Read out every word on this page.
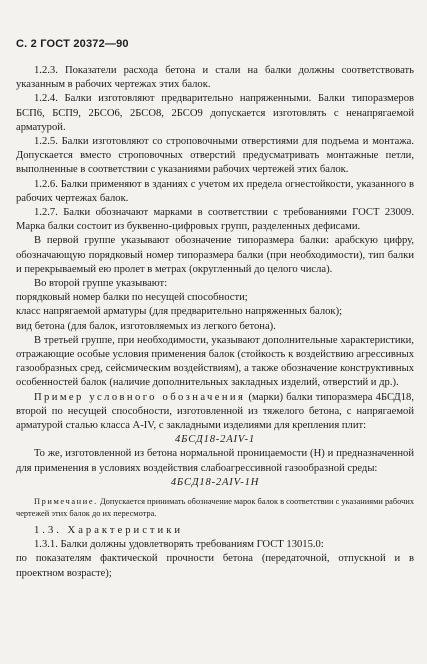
С. 2 ГОСТ 20372—90

1.2.3. Показатели расхода бетона и стали на балки должны соответствовать указанным в рабочих чертежах этих балок.

1.2.4. Балки изготовляют предварительно напряженными. Балки типоразмеров БСП6, БСП9, 2БСО6, 2БСО8, 2БСО9 допускается изготовлять с ненапрягаемой арматурой.

1.2.5. Балки изготовляют со строповочными отверстиями для подъема и монтажа. Допускается вместо строповочных отверстий предусматривать монтажные петли, выполненные в соответствии с указаниями рабочих чертежей этих балок.

1.2.6. Балки применяют в зданиях с учетом их предела огнестойкости, указанного в рабочих чертежах балок.

1.2.7. Балки обозначают марками в соответствии с требованиями ГОСТ 23009. Марка балки состоит из буквенно-цифровых групп, разделенных дефисами.

В первой группе указывают обозначение типоразмера балки: арабскую цифру, обозначающую порядковый номер типоразмера балки (при необходимости), тип балки и перекрываемый ею пролет в метрах (округленный до целого числа).

Во второй группе указывают:

порядковый номер балки по несущей способности;

класс напрягаемой арматуры (для предварительно напряженных балок);

вид бетона (для балок, изготовляемых из легкого бетона).

В третьей группе, при необходимости, указывают дополнительные характеристики, отражающие особые условия применения балок (стойкость к воздействию агрессивных газообразных сред, сейсмическим воздействиям), а также обозначение конструктивных особенностей балок (наличие дополнительных закладных изделий, отверстий и др.).

Пример условного обозначения (марки) балки типоразмера 4БСД18, второй по несущей способности, изготовленной из тяжелого бетона, с напрягаемой арматурой сталью класса A-IV, с закладными изделиями для крепления плит:

4БСД18-2AIV-1

То же, изготовленной из бетона нормальной проницаемости (Н) и предназначенной для применения в условиях воздействия слабоагрессивной газообразной среды:

4БСД18-2AIV-1Н

Примечание. Допускается принимать обозначение марок балок в соответствии с указаниями рабочих чертежей этих балок до их пересмотра.

1.3. Характеристики

1.3.1. Балки должны удовлетворять требованиям ГОСТ 13015.0:

по показателям фактической прочности бетона (передаточной, отпускной и в проектном возрасте);
